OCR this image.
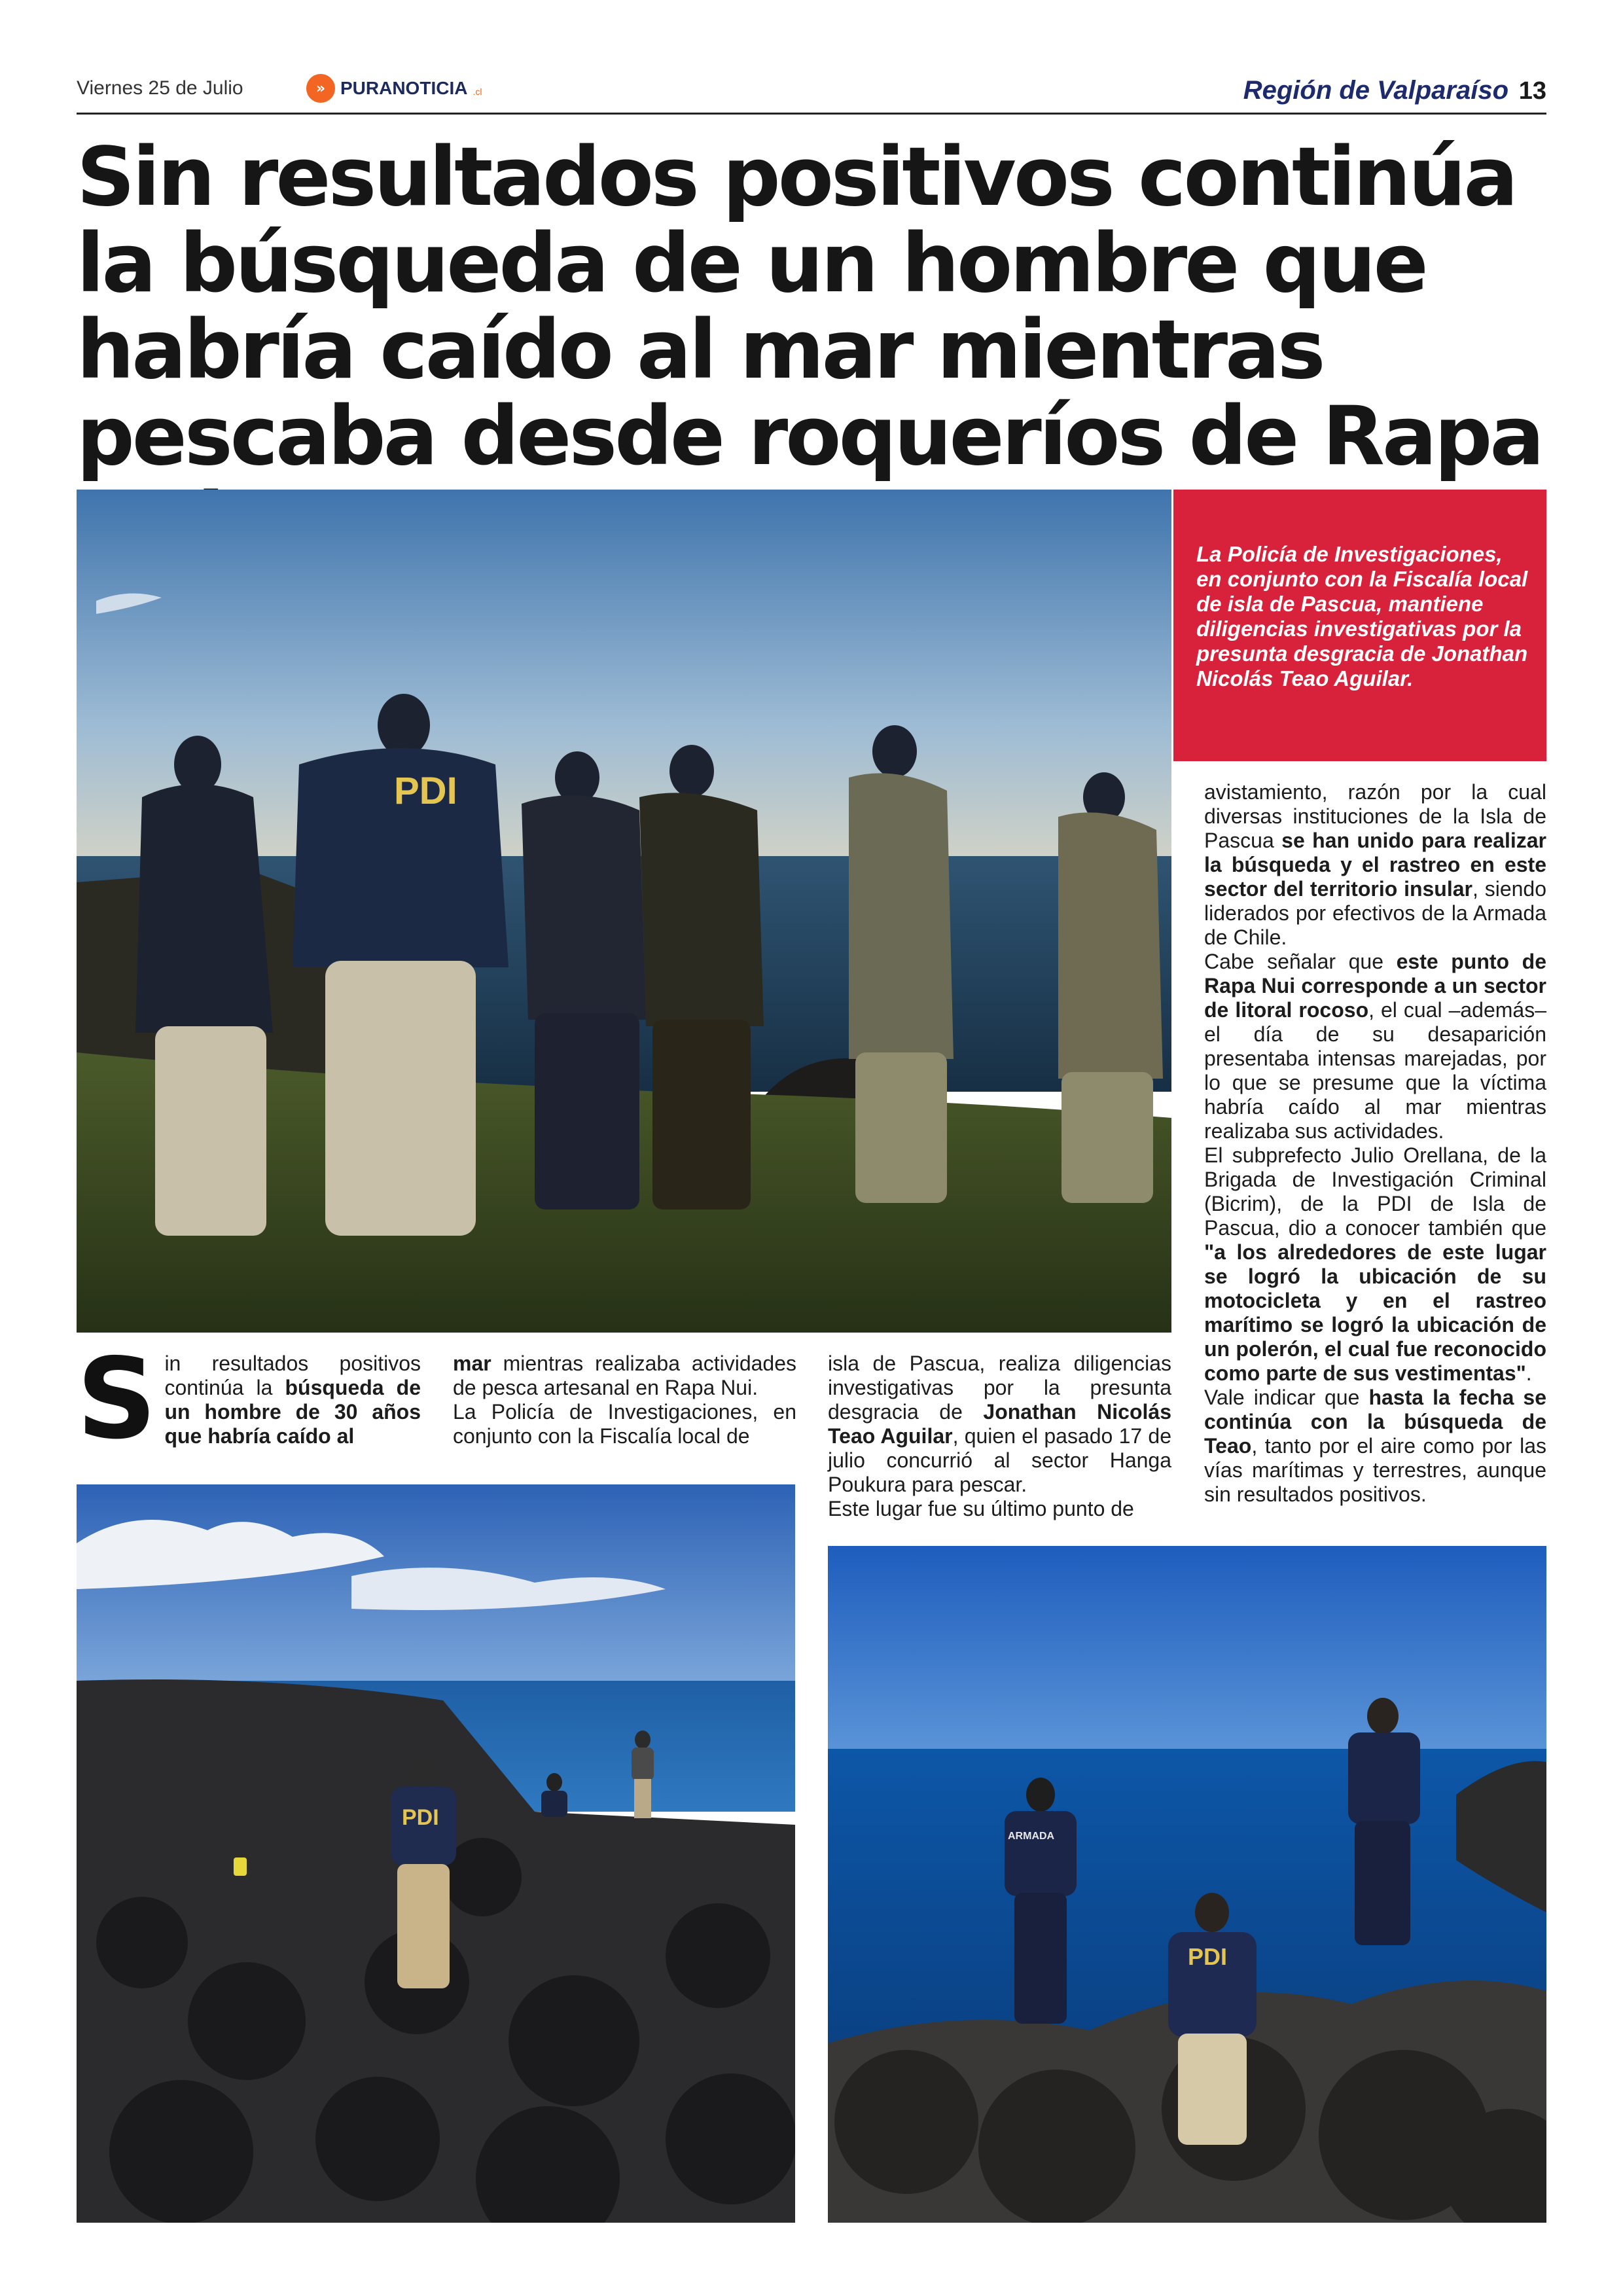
Viernes 25 de Julio	» PURANOTICIA .cl	Región de Valparaíso 13
Sin resultados positivos continúa la búsqueda de un hombre que habría caído al mar mientras pescaba desde roqueríos de Rapa
PDI

La Policía de Investigaciones, en conjunto con la Fiscalía local de isla de Pascua, mantiene diligencias investigativas por la presunta desgracia de Jonathan Nicolás Teao Aguilar.

S in resultados positivos continúa la búsqueda de un hombre de 30 años que habría caído al

mar mientras realizaba actividades de pesca artesanal en Rapa Nui.

La Policía de Investigaciones, en conjunto con la Fiscalía local de

isla de Pascua, realiza diligencias investigativas por la presunta desgracia de Jonathan Nicolás Teao Aguilar, quien el pasado 17 de julio concurrió al sector Hanga Poukura para pescar.

Este lugar fue su último punto de

avistamiento, razón por la cual diversas instituciones de la Isla de Pascua se han unido para realizar la búsqueda y el rastreo en este sector del territorio insular, siendo liderados por efectivos de la Armada de Chile.

Cabe señalar que este punto de Rapa Nui corresponde a un sector de litoral rocoso, el cual –además– el día de su desaparición presentaba intensas marejadas, por lo que se presume que la víctima habría caído al mar mientras realizaba sus actividades.

El subprefecto Julio Orellana, de la Brigada de Investigación Criminal (Bicrim), de la PDI de Isla de Pascua, dio a conocer también que "a los alrededores de este lugar se logró la ubicación de su motocicleta y en el rastreo marítimo se logró la ubicación de un polerón, el cual fue reconocido como parte de sus vestimentas".

Vale indicar que hasta la fecha se continúa con la búsqueda de Teao, tanto por el aire como por las vías marítimas y terrestres, aunque sin resultados positivos.

PDI
ARMADA
PDI
